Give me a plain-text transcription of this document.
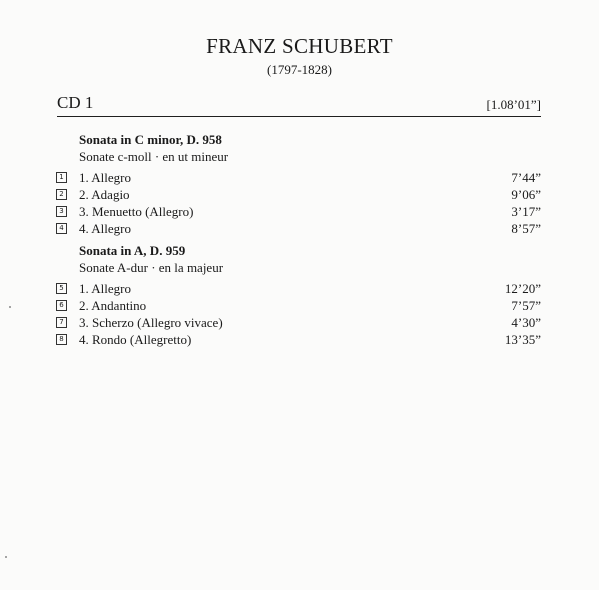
FRANZ SCHUBERT
(1797-1828)
CD 1	[1.08’01”]
Sonata in C minor, D. 958
Sonate c-moll · en ut mineur
1 1. Allegro	7’44”
2 2. Adagio	9’06”
3 3. Menuetto (Allegro)	3’17”
4 4. Allegro	8’57”
Sonata in A, D. 959
Sonate A-dur · en la majeur
5 1. Allegro	12’20”
6 2. Andantino	7’57”
7 3. Scherzo (Allegro vivace)	4’30”
8 4. Rondo (Allegretto)	13’35”
